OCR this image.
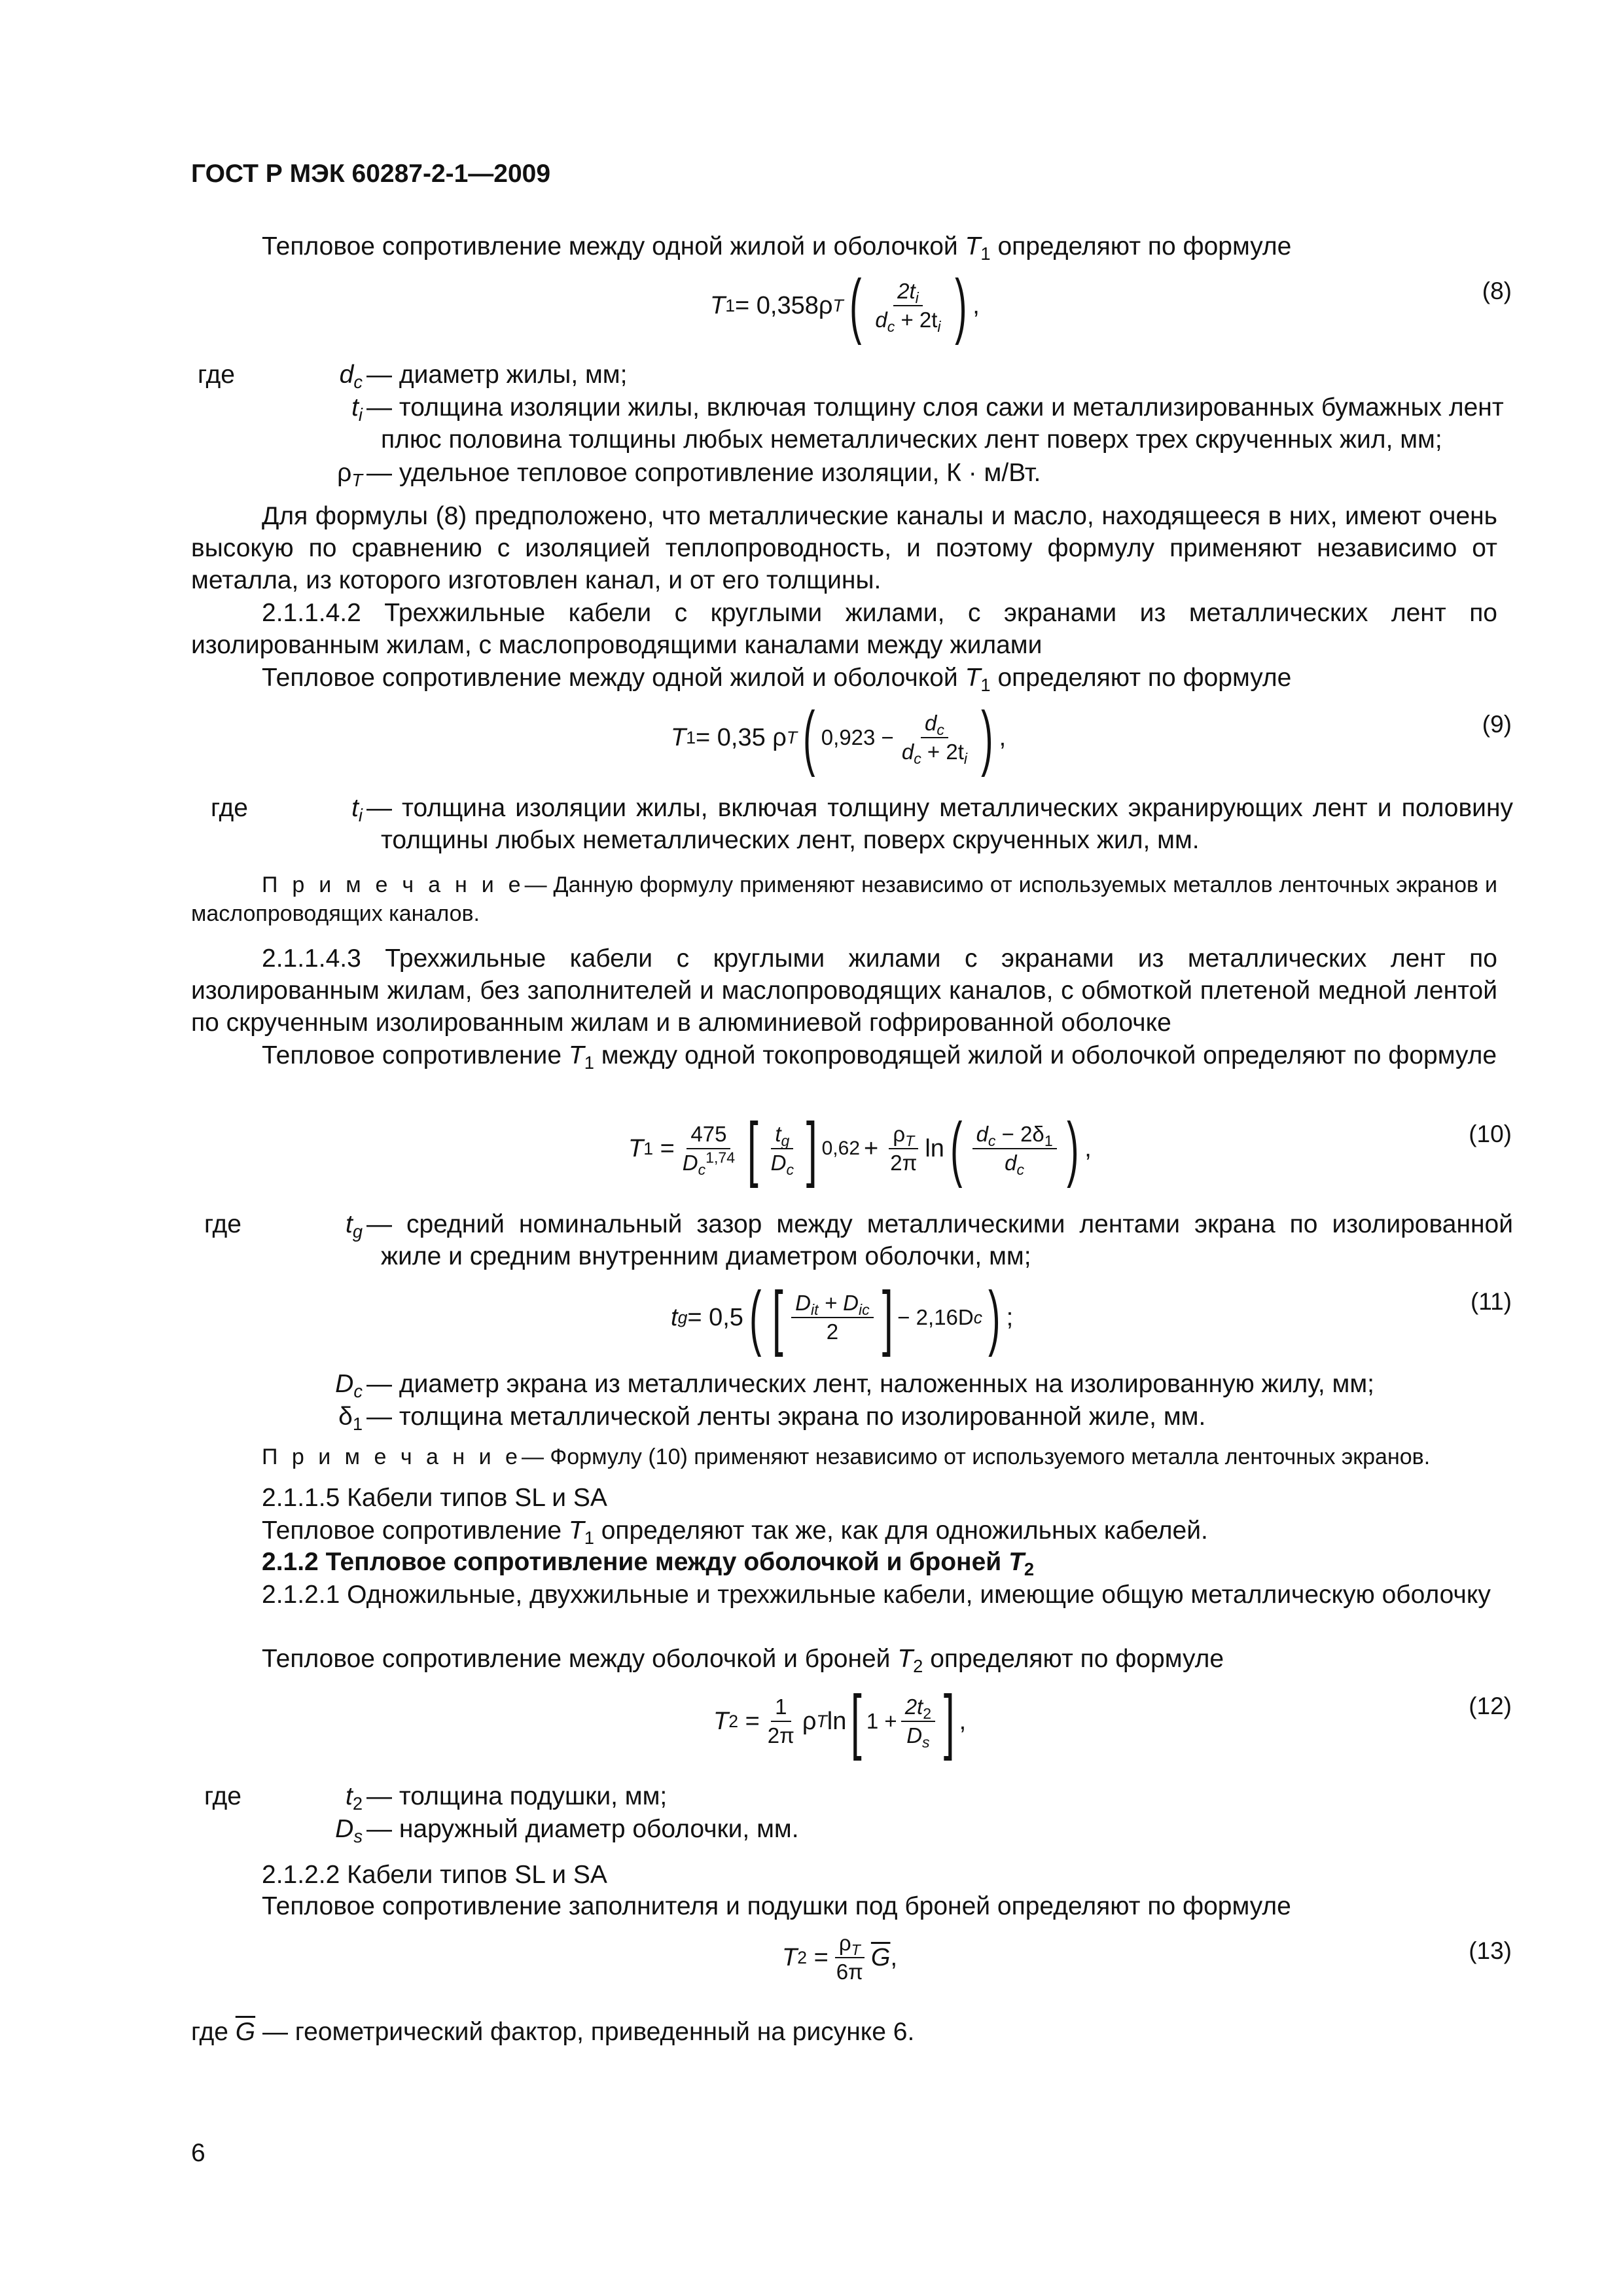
ГОСТ Р МЭК 60287-2-1—2009
Тепловое сопротивление между одной жилой и оболочкой $T_1$ определяют по формуле
T 1 = 0,358ρ T ( $\frac{2t_i}{d_c + 2t_i}$ ) ,
(8)
где	$d_c$ — диаметр жилы, мм;
$t_i$ — толщина изоляции жилы, включая толщину слоя сажи и металлизированных бумажных лент плюс половина толщины любых неметаллических лент поверх трех скрученных жил, мм;
$\rho_T$ — удельное тепловое сопротивление изоляции, К · м/Вт.
Для формулы (8) предположено, что металлические каналы и масло, находящееся в них, имеют очень высокую по сравнению с изоляцией теплопроводность, и поэтому формулу применяют независимо от металла, из которого изготовлен канал, и от его толщины.
2.1.1.4.2 Трехжильные кабели с круглыми жилами, с экранами из металлических лент по изолированным жилам, с маслопроводящими каналами между жилами
Тепловое сопротивление между одной жилой и оболочкой $T_1$ определяют по формуле
T 1 = 0,35 ρ T ( $0,923 - \frac{d_c}{d_c + 2t_i}$ ) ,	(9)
где	$t_i$ — толщина изоляции жилы, включая толщину металлических экранирующих лент и половину толщины любых неметаллических лент, поверх скрученных жил, мм.
П р и м е ч а н и е— Данную формулу применяют независимо от используемых металлов ленточных экранов и маслопроводящих каналов.
2.1.1.4.3 Трехжильные кабели с круглыми жилами с экранами из металлических лент по изолированным жилам, без заполнителей и маслопроводящих каналов, с обмоткой плетеной медной лентой по скрученным изолированным жилам и в алюминиевой гофрированной оболочке
Тепловое сопротивление $T_1$ между одной токопроводящей жилой и оболочкой определяют по формуле
T $1 = \frac{475}{D_c^{1,74}}$ [ $\frac{t_g}{D_c}$ ] $0,62 + \frac{\rho_T}{2\pi}$ ln ( $\frac{d_c - 2\delta_1}{d_c}$ ) ,
(10)
где	$t_g$ — средний номинальный зазор между металлическими лентами экрана по изолированной жиле и средним внутренним диаметром оболочки, мм;
t g = 0,5 ( [ $\frac{D_{it} + D_{ic}}{2}$ ] − 2,16D c ) ;
(11)
$D_c$ — диаметр экрана из металлических лент, наложенных на изолированную жилу, мм;
$\delta_1$ — толщина металлической ленты экрана по изолированной жиле, мм.
П р и м е ч а н и е— Формулу (10) применяют независимо от используемого металла ленточных экранов.
2.1.1.5 Кабели типов SL и SA
Тепловое сопротивление $T_1$ определяют так же, как для одножильных кабелей.
2.1.2 Тепловое сопротивление между оболочкой и броней $T_2$
2.1.2.1 Одножильные, двухжильные и трехжильные кабели, имеющие общую металлическую оболочку
Тепловое сопротивление между оболочкой и броней $T_2$ определяют по формуле
T $2 = \frac{1}{2\pi}$ ρ T ln [ $1 + \frac{2t_2}{D_s}$ ] ,
(12)
где	$t_2$ — толщина подушки, мм;
$D_s$ — наружный диаметр оболочки, мм.
2.1.2.2 Кабели типов SL и SA
Тепловое сопротивление заполнителя и подушки под броней определяют по формуле
T $2 = \frac{\rho_T}{6\pi} \overline{G}$ ,	(13)
где $\overline{G}$ — геометрический фактор, приведенный на рисунке 6.
6
